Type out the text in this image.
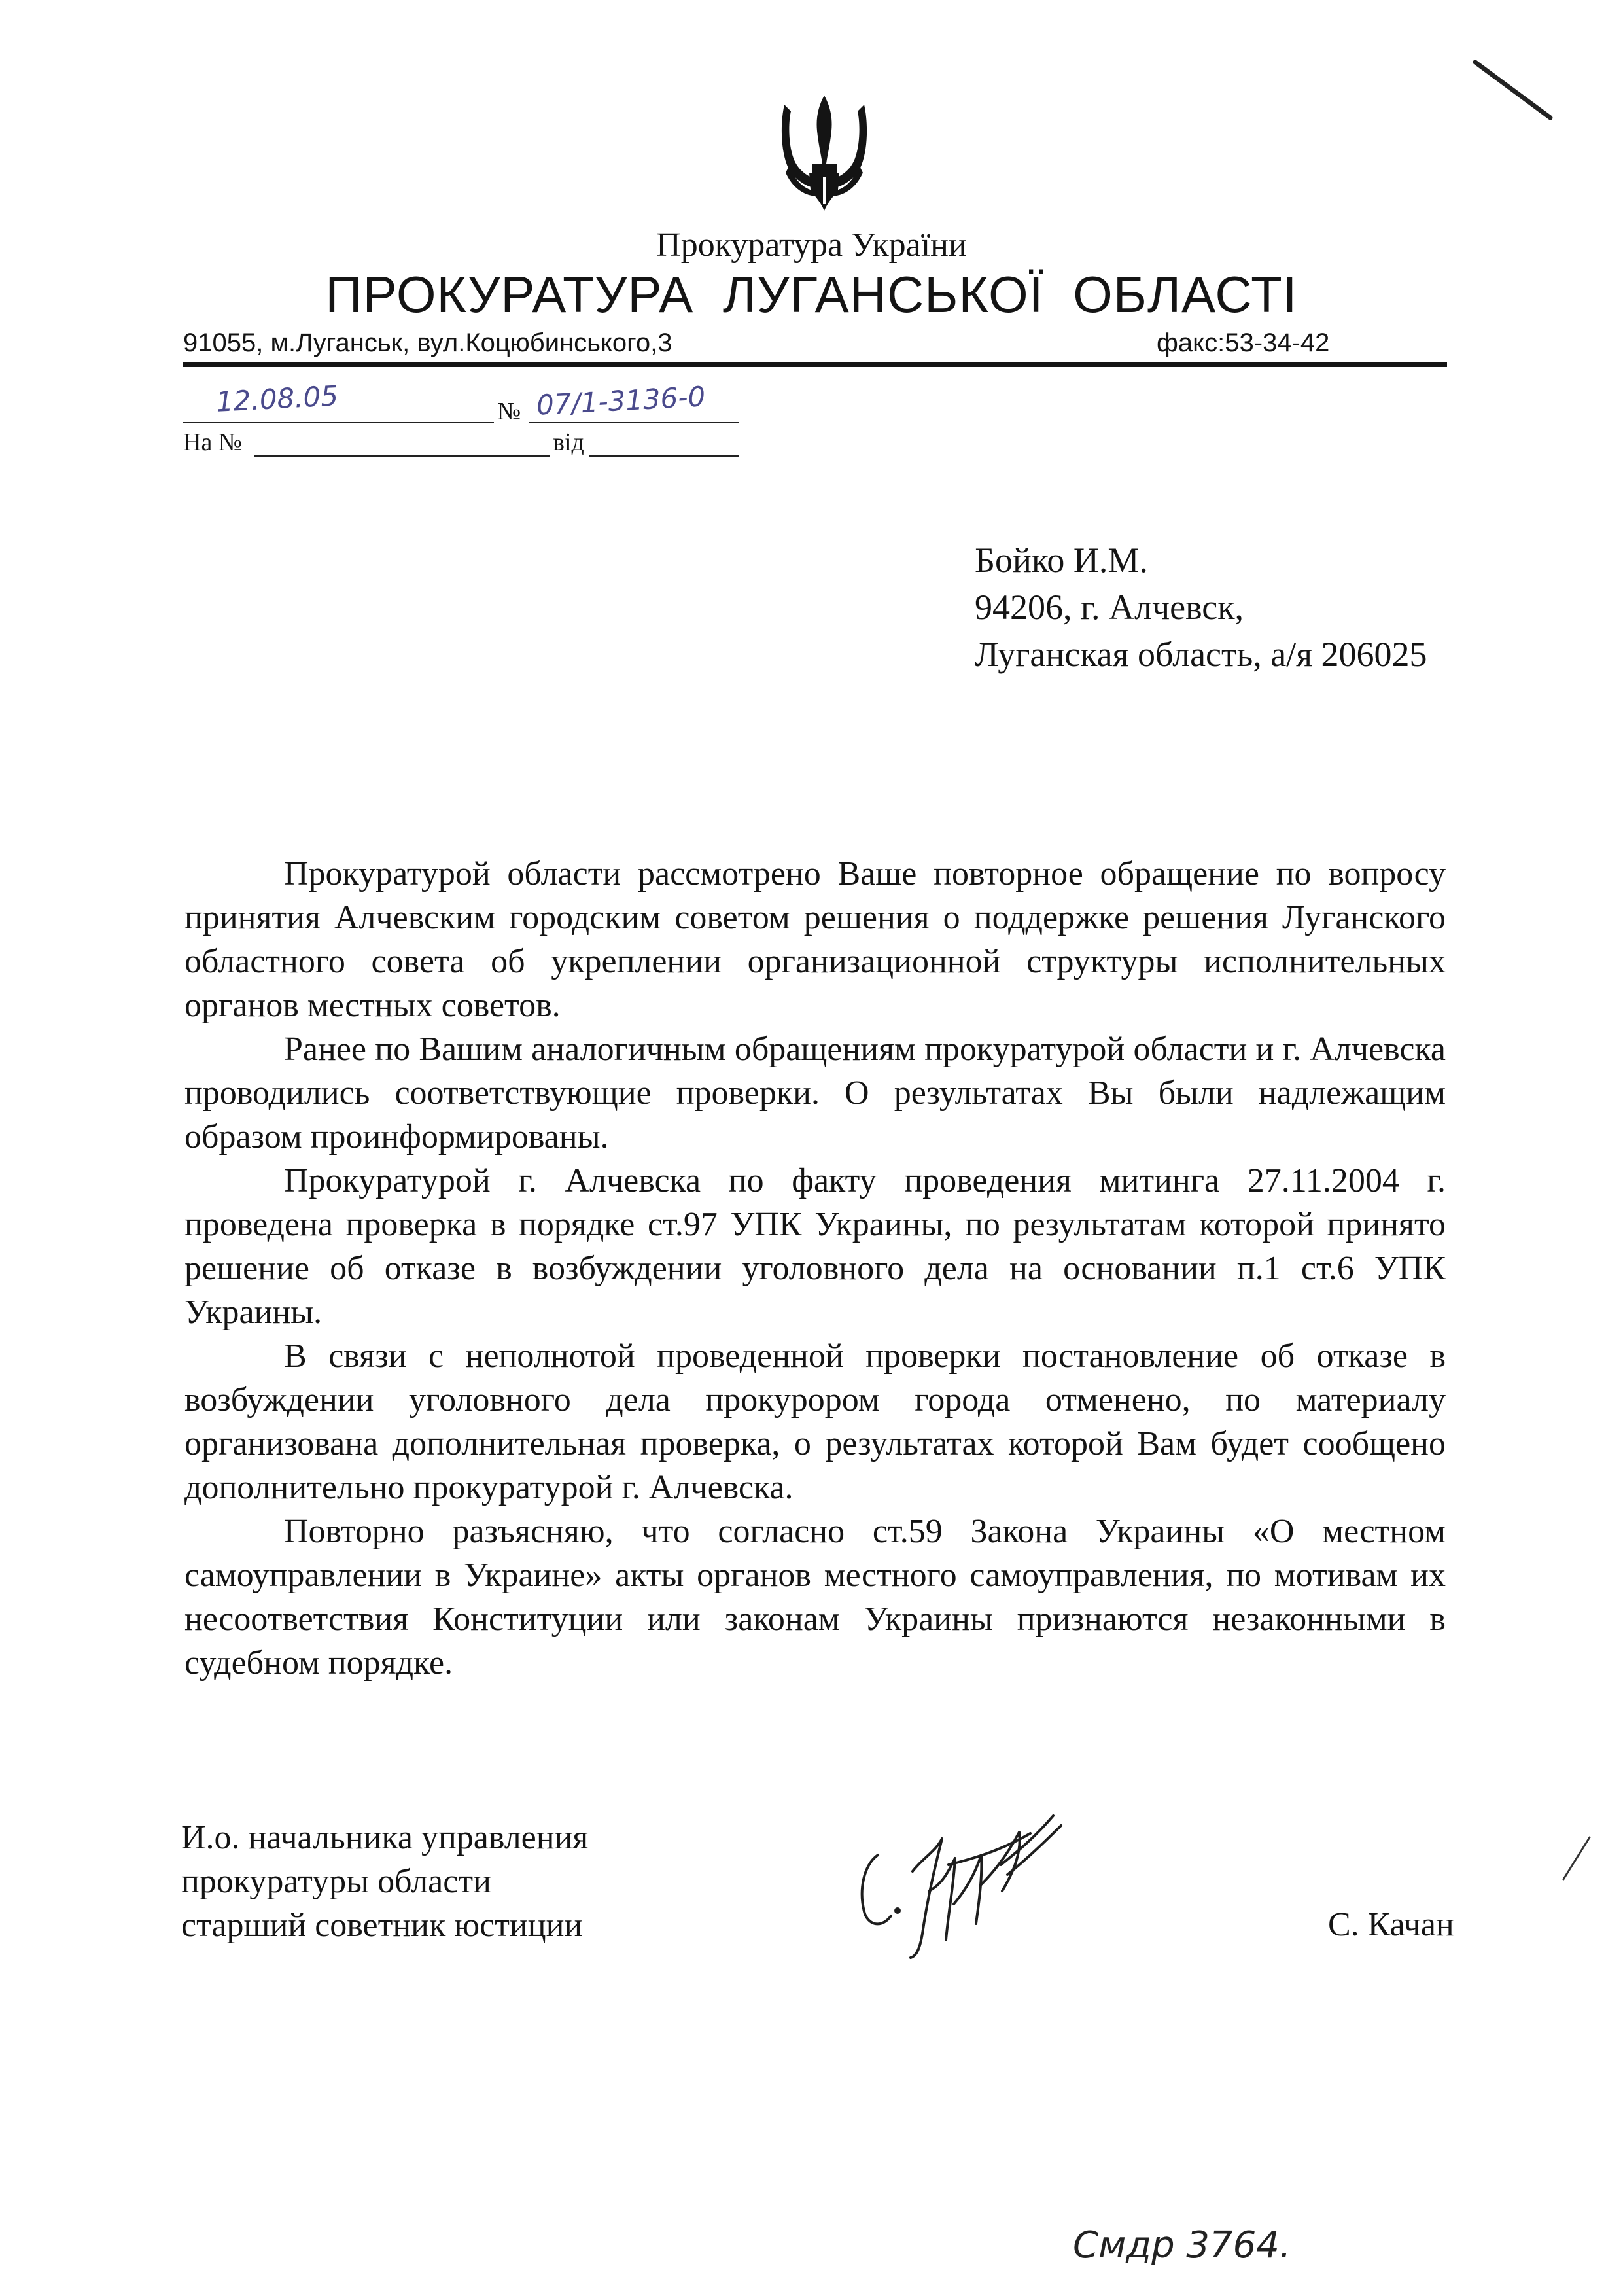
Прокуратура України
ПРОКУРАТУРА ЛУГАНСЬКОЇ ОБЛАСТІ
91055, м.Луганськ, вул.Коцюбинського,3	факс:53-34-42
12.08.05	№ 07/1-3136-0
На №	від
Бойко И.М.
94206, г. Алчевск,
Луганская область, а/я 206025

Прокуратурой области рассмотрено Ваше повторное обращение по вопросу принятия Алчевским городским советом решения о поддержке решения Луганского областного совета об укреплении организационной структуры исполнительных органов местных советов.

Ранее по Вашим аналогичным обращениям прокуратурой области и г. Алчевска проводились соответствующие проверки. О результатах Вы были надлежащим образом проинформированы.

Прокуратурой г. Алчевска по факту проведения митинга 27.11.2004 г. проведена проверка в порядке ст.97 УПК Украины, по результатам которой принято решение об отказе в возбуждении уголовного дела на основании п.1 ст.6 УПК Украины.

В связи с неполнотой проведенной проверки постановление об отказе в возбуждении уголовного дела прокурором города отменено, по материалу организована дополнительная проверка, о результатах которой Вам будет сообщено дополнительно прокуратурой г. Алчевска.

Повторно разъясняю, что согласно ст.59 Закона Украины «О местном самоуправлении в Украине» акты органов местного самоуправления, по мотивам их несоответствия Конституции или законам Украины признаются незаконными в судебном порядке.

И.о. начальника управления
прокуратуры области
старший советник юстиции	С. Качан
Смдр 3764.
